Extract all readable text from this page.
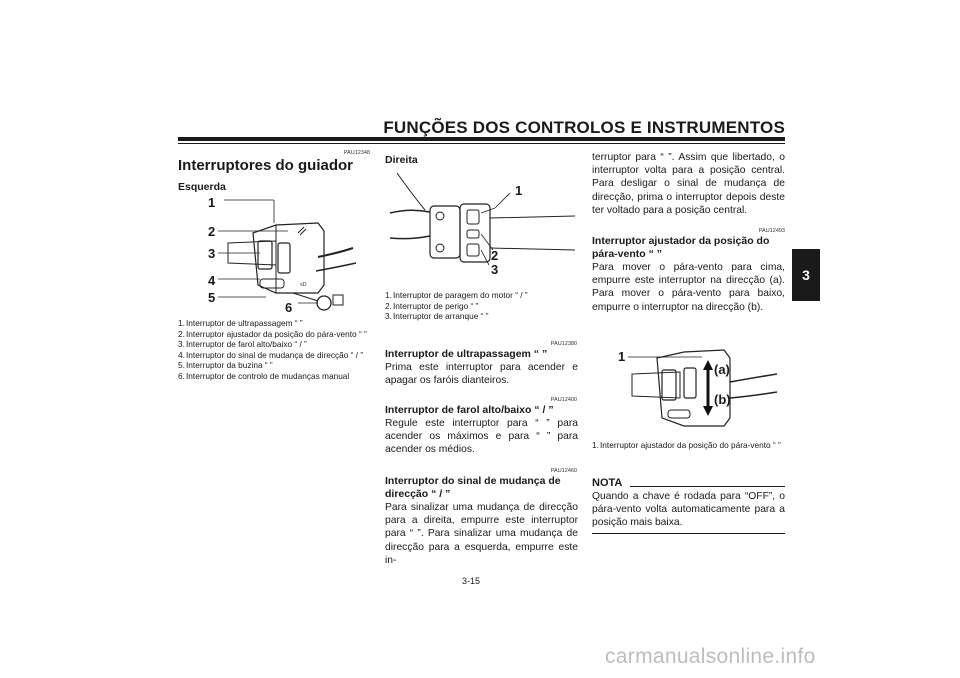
FUNÇÕES DOS CONTROLOS E INSTRUMENTOS
3
PAU12348
Interruptores do guiador
Esquerda
≡D
1
2
3
4
5
6
1. Interruptor de ultrapassagem “ ”
2. Interruptor ajustador da posição do pára-vento “ ”
3. Interruptor de farol alto/baixo “ / ”
4. Interruptor do sinal de mudança de direcção “ / ”
5. Interruptor da buzina “ ”
6. Interruptor de controlo de mudanças manual
Direita
1
2
3
1. Interruptor de paragem do motor “ / ”
2. Interruptor de perigo “ ”
3. Interruptor de arranque “ ”
PAU12380
Interruptor de ultrapassagem “ ”
Prima este interruptor para acender e apagar os faróis dianteiros.
PAU12400
Interruptor de farol alto/baixo “ / ”
Regule este interruptor para “ ” para acender os máximos e para “ ” para acender os médios.
PAU12460
Interruptor do sinal de mudança de direcção “ / ”
Para sinalizar uma mudança de direcção para a direita, empurre este interruptor para “ ”. Para sinalizar uma mudança de direcção para a esquerda, empurre este in-
3-15
terruptor para “ ”. Assim que libertado, o interruptor volta para a posição central. Para desligar o sinal de mudança de direcção, prima o interruptor depois deste ter voltado para a posição central.
PAU12493
Interruptor ajustador da posição do pára-vento “ ”
Para mover o pára-vento para cima, empurre este interruptor na direcção (a). Para mover o pára-vento para baixo, empurre o interruptor na direcção (b).
1
(a)
(b)
1. Interruptor ajustador da posição do pára-vento “ ”
NOTA
Quando a chave é rodada para “OFF”, o pára-vento volta automaticamente para a posição mais baixa.
carmanualsonline.info
